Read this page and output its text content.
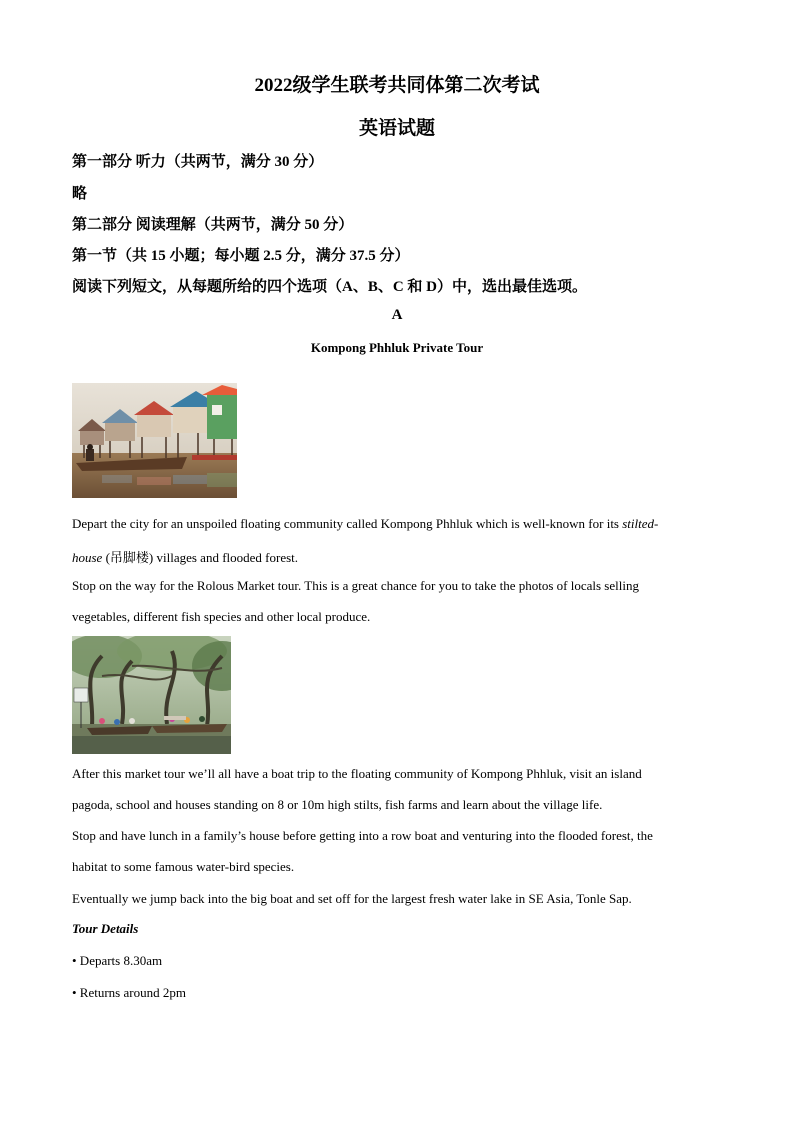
2022级学生联考共同体第二次考试
英语试题
第一部分 听力（共两节，满分 30 分）
略
第二部分 阅读理解（共两节，满分 50 分）
第一节（共 15 小题；每小题 2.5 分，满分 37.5 分）
阅读下列短文，从每题所给的四个选项（A、B、C 和 D）中，选出最佳选项。
A
Kompong Phhluk Private Tour
Depart the city for an unspoiled floating community called Kompong Phhluk which is well-known for its stilted-
house (吊脚楼) villages and flooded forest.
Stop on the way for the Rolous Market tour. This is a great chance for you to take the photos of locals selling
vegetables, different fish species and other local produce.
After this market tour we’ll all have a boat trip to the floating community of Kompong Phhluk, visit an island
pagoda, school and houses standing on 8 or 10m high stilts, fish farms and learn about the village life.
Stop and have lunch in a family’s house before getting into a row boat and venturing into the flooded forest, the
habitat to some famous water-bird species.
Eventually we jump back into the big boat and set off for the largest fresh water lake in SE Asia, Tonle Sap.
Tour Details
• Departs 8.30am
• Returns around 2pm
